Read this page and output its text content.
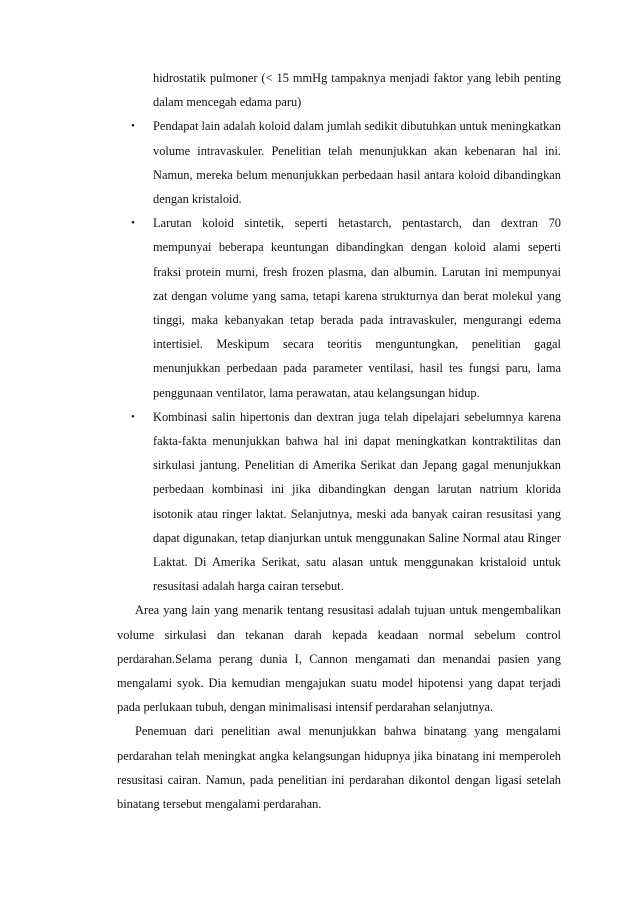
hidrostatik pulmoner (< 15 mmHg tampaknya menjadi faktor yang lebih penting dalam mencegah edama paru)

• Pendapat lain adalah koloid dalam jumlah sedikit dibutuhkan untuk meningkatkan volume intravaskuler. Penelitian telah menunjukkan akan kebenaran hal ini. Namun, mereka belum menunjukkan perbedaan hasil antara koloid dibandingkan dengan kristaloid.
• Larutan koloid sintetik, seperti hetastarch, pentastarch, dan dextran 70 mempunyai beberapa keuntungan dibandingkan dengan koloid alami seperti fraksi protein murni, fresh frozen plasma, dan albumin. Larutan ini mempunyai zat dengan volume yang sama, tetapi karena strukturnya dan berat molekul yang tinggi, maka kebanyakan tetap berada pada intravaskuler, mengurangi edema intertisiel. Meskipum secara teoritis menguntungkan, penelitian gagal menunjukkan perbedaan pada parameter ventilasi, hasil tes fungsi paru, lama penggunaan ventilator, lama perawatan, atau kelangsungan hidup.
• Kombinasi salin hipertonis dan dextran juga telah dipelajari sebelumnya karena fakta-fakta menunjukkan bahwa hal ini dapat meningkatkan kontraktilitas dan sirkulasi jantung. Penelitian di Amerika Serikat dan Jepang gagal menunjukkan perbedaan kombinasi ini jika dibandingkan dengan larutan natrium klorida isotonik atau ringer laktat. Selanjutnya, meski ada banyak cairan resusitasi yang dapat digunakan, tetap dianjurkan untuk menggunakan Saline Normal atau Ringer Laktat. Di Amerika Serikat, satu alasan untuk menggunakan kristaloid untuk resusitasi adalah harga cairan tersebut.

Area yang lain yang menarik tentang resusitasi adalah tujuan untuk mengembalikan volume sirkulasi dan tekanan darah kepada keadaan normal sebelum control perdarahan.Selama perang dunia I, Cannon mengamati dan menandai pasien yang mengalami syok. Dia kemudian mengajukan suatu model hipotensi yang dapat terjadi pada perlukaan tubuh, dengan minimalisasi intensif perdarahan selanjutnya.

Penemuan dari penelitian awal menunjukkan bahwa binatang yang mengalami perdarahan telah meningkat angka kelangsungan hidupnya jika binatang ini memperoleh resusitasi cairan. Namun, pada penelitian ini perdarahan dikontol dengan ligasi setelah binatang tersebut mengalami perdarahan.
